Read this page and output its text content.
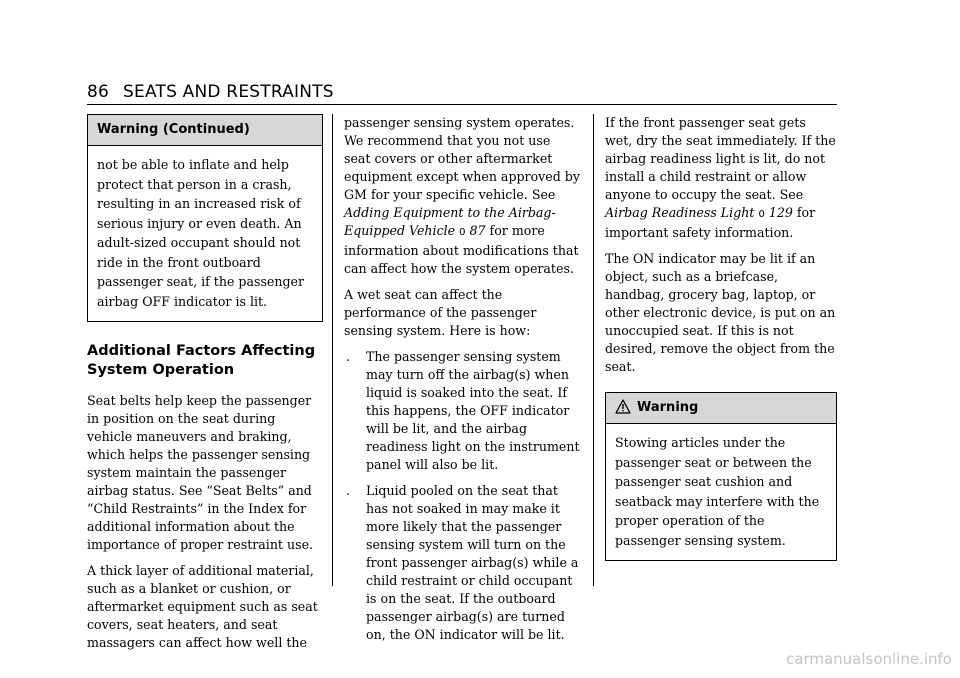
86 SEATS AND RESTRAINTS
Warning (Continued)
not be able to inflate and help protect that person in a crash, resulting in an increased risk of serious injury or even death. An adult-sized occupant should not ride in the front outboard passenger seat, if the passenger airbag OFF indicator is lit.
Additional Factors Affecting System Operation

Seat belts help keep the passenger in position on the seat during vehicle maneuvers and braking, which helps the passenger sensing system maintain the passenger airbag status. See “Seat Belts” and “Child Restraints” in the Index for additional information about the importance of proper restraint use.

A thick layer of additional material, such as a blanket or cushion, or aftermarket equipment such as seat covers, seat heaters, and seat massagers can affect how well the

passenger sensing system operates. We recommend that you not use seat covers or other aftermarket equipment except when approved by GM for your specific vehicle. See Adding Equipment to the Airbag-Equipped Vehicle 0 87 for more information about modifications that can affect how the system operates.

A wet seat can affect the performance of the passenger sensing system. Here is how:

. The passenger sensing system may turn off the airbag(s) when liquid is soaked into the seat. If this happens, the OFF indicator will be lit, and the airbag readiness light on the instrument panel will also be lit.
. Liquid pooled on the seat that has not soaked in may make it more likely that the passenger sensing system will turn on the front passenger airbag(s) while a child restraint or child occupant is on the seat. If the outboard passenger airbag(s) are turned on, the ON indicator will be lit.

If the front passenger seat gets wet, dry the seat immediately. If the airbag readiness light is lit, do not install a child restraint or allow anyone to occupy the seat. See Airbag Readiness Light 0 129 for important safety information.

The ON indicator may be lit if an object, such as a briefcase, handbag, grocery bag, laptop, or other electronic device, is put on an unoccupied seat. If this is not desired, remove the object from the seat.

Warning
Stowing articles under the passenger seat or between the passenger seat cushion and seatback may interfere with the proper operation of the passenger sensing system.
carmanualsonline.info
